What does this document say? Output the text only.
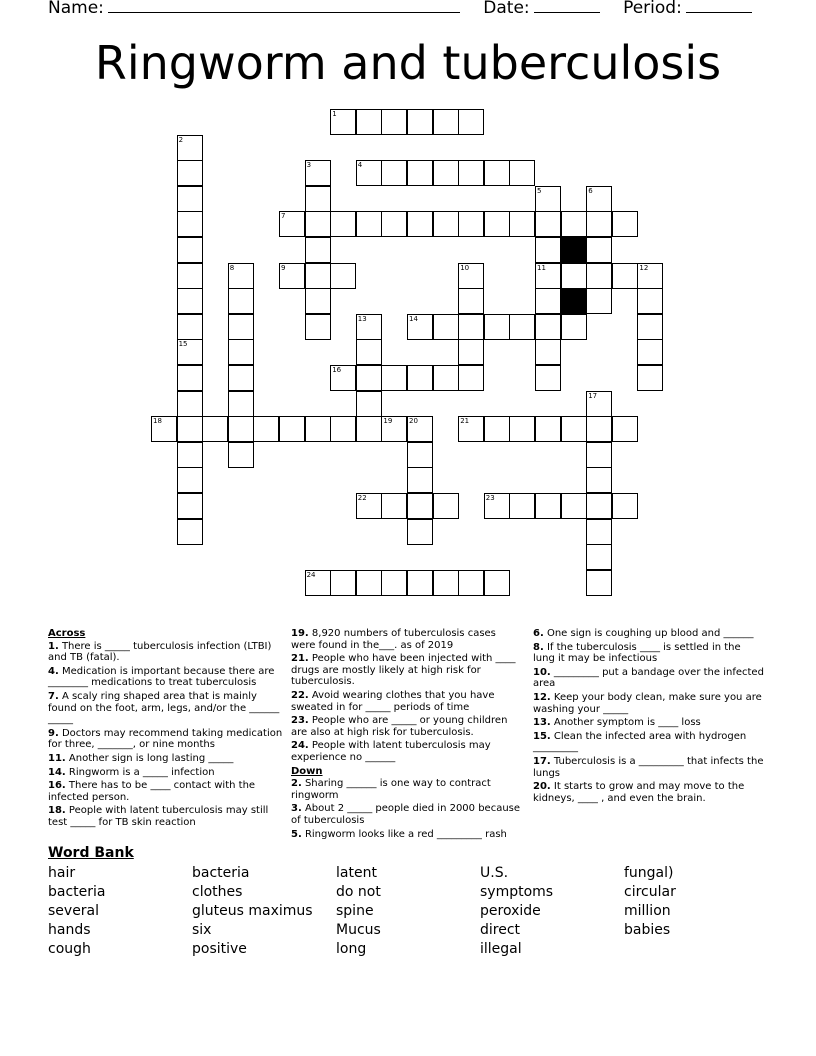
Name:	Date:	Period:
Ringworm and tuberculosis
1
2
3	4
5	6
7
8	9	10	11	12
13	14
15
16
17
18	19 20	21
22	23
24
Across
1. There is _____ tuberculosis infection (LTBI) and TB (fatal).
4. Medication is important because there are ________ medications to treat tuberculosis
7. A scaly ring shaped area that is mainly found on the foot, arm, legs, and/or the ______ _____
9. Doctors may recommend taking medication for three, _______, or nine months
11. Another sign is long lasting _____
14. Ringworm is a _____ infection
16. There has to be ____ contact with the infected person.
18. People with latent tuberculosis may still test _____ for TB skin reaction
19. 8,920 numbers of tuberculosis cases were found in the___. as of 2019
21. People who have been injected with ____ drugs are mostly likely at high risk for tuberculosis.
22. Avoid wearing clothes that you have sweated in for _____ periods of time
23. People who are _____ or young children are also at high risk for tuberculosis.
24. People with latent tuberculosis may experience no ______
Down
2. Sharing ______ is one way to contract ringworm
3. About 2 _____ people died in 2000 because of tuberculosis
5. Ringworm looks like a red _________ rash
6. One sign is coughing up blood and ______
8. If the tuberculosis ____ is settled in the lung it may be infectious
10. _________ put a bandage over the infected area
12. Keep your body clean, make sure you are washing your _____
13. Another symptom is ____ loss
15. Clean the infected area with hydrogen _________
17. Tuberculosis is a _________ that infects the lungs
20. It starts to grow and may move to the kidneys, ____ , and even the brain.
Word Bank
hair	bacteria	latent	U.S.	fungal)
bacteria	clothes	do not	symptoms	circular
several	gluteus maximus	spine	peroxide	million
hands	six	Mucus	direct	babies
cough	positive	long	illegal
